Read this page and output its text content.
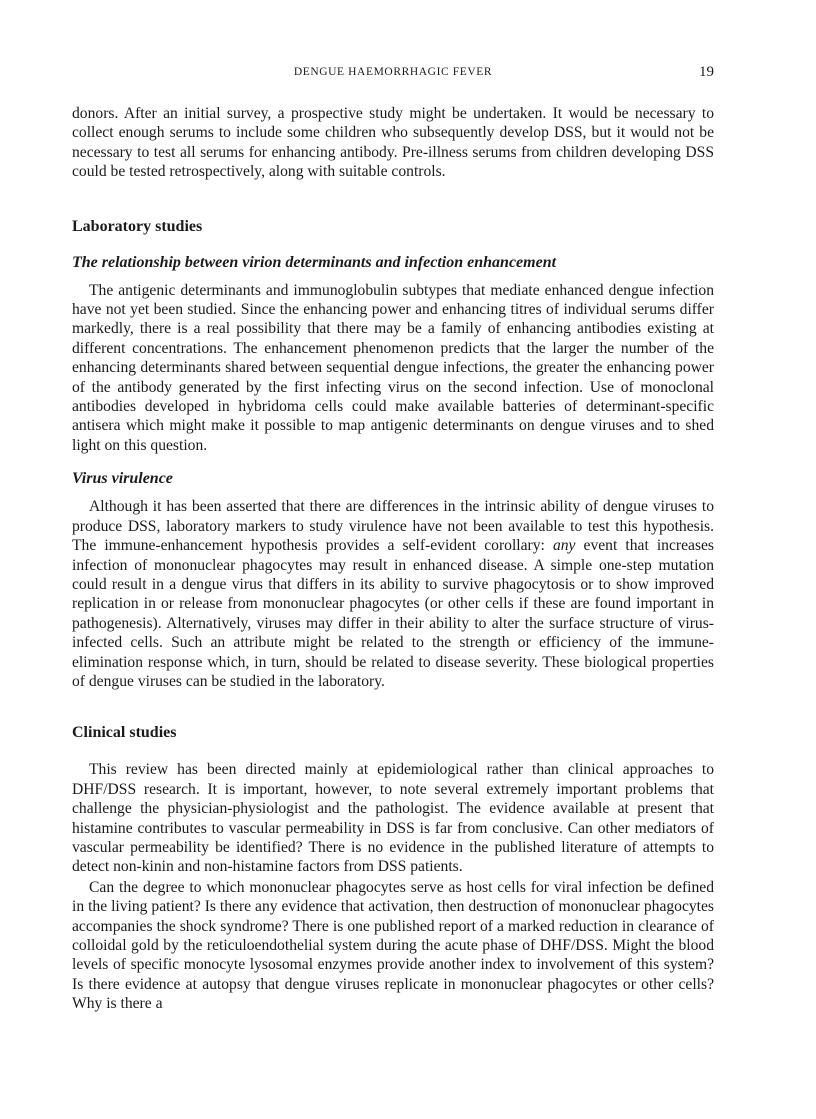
DENGUE HAEMORRHAGIC FEVER	19

donors. After an initial survey, a prospective study might be undertaken. It would be necessary to collect enough serums to include some children who subsequently develop DSS, but it would not be necessary to test all serums for enhancing antibody. Pre-illness serums from children developing DSS could be tested retrospectively, along with suitable controls.

Laboratory studies
The relationship between virion determinants and infection enhancement

The antigenic determinants and immunoglobulin subtypes that mediate enhanced dengue infection have not yet been studied. Since the enhancing power and enhancing titres of individual serums differ markedly, there is a real possibility that there may be a family of enhancing antibodies existing at different concentrations. The enhancement phenomenon predicts that the larger the number of the enhancing determinants shared between sequential dengue infections, the greater the enhancing power of the antibody generated by the first infecting virus on the second infection. Use of monoclonal antibodies developed in hybridoma cells could make available batteries of determinant-specific antisera which might make it possible to map antigenic determinants on dengue viruses and to shed light on this question.

Virus virulence

Although it has been asserted that there are differences in the intrinsic ability of dengue viruses to produce DSS, laboratory markers to study virulence have not been available to test this hypothesis. The immune-enhancement hypothesis provides a self-evident corollary: any event that increases infection of mononuclear phagocytes may result in enhanced disease. A simple one-step mutation could result in a dengue virus that differs in its ability to survive phagocytosis or to show improved replication in or release from mononuclear phagocytes (or other cells if these are found important in pathogenesis). Alternatively, viruses may differ in their ability to alter the surface structure of virus-infected cells. Such an attribute might be related to the strength or efficiency of the immune-elimination response which, in turn, should be related to disease severity. These biological properties of dengue viruses can be studied in the laboratory.

Clinical studies

This review has been directed mainly at epidemiological rather than clinical approaches to DHF/DSS research. It is important, however, to note several extremely important problems that challenge the physician-physiologist and the pathologist. The evidence available at present that histamine contributes to vascular permeability in DSS is far from conclusive. Can other mediators of vascular permeability be identified? There is no evidence in the published literature of attempts to detect non-kinin and non-histamine factors from DSS patients.

Can the degree to which mononuclear phagocytes serve as host cells for viral infection be defined in the living patient? Is there any evidence that activation, then destruction of mononuclear phagocytes accompanies the shock syndrome? There is one published report of a marked reduction in clearance of colloidal gold by the reticuloendothelial system during the acute phase of DHF/DSS. Might the blood levels of specific monocyte lysosomal enzymes provide another index to involvement of this system? Is there evidence at autopsy that dengue viruses replicate in mononuclear phagocytes or other cells? Why is there a
